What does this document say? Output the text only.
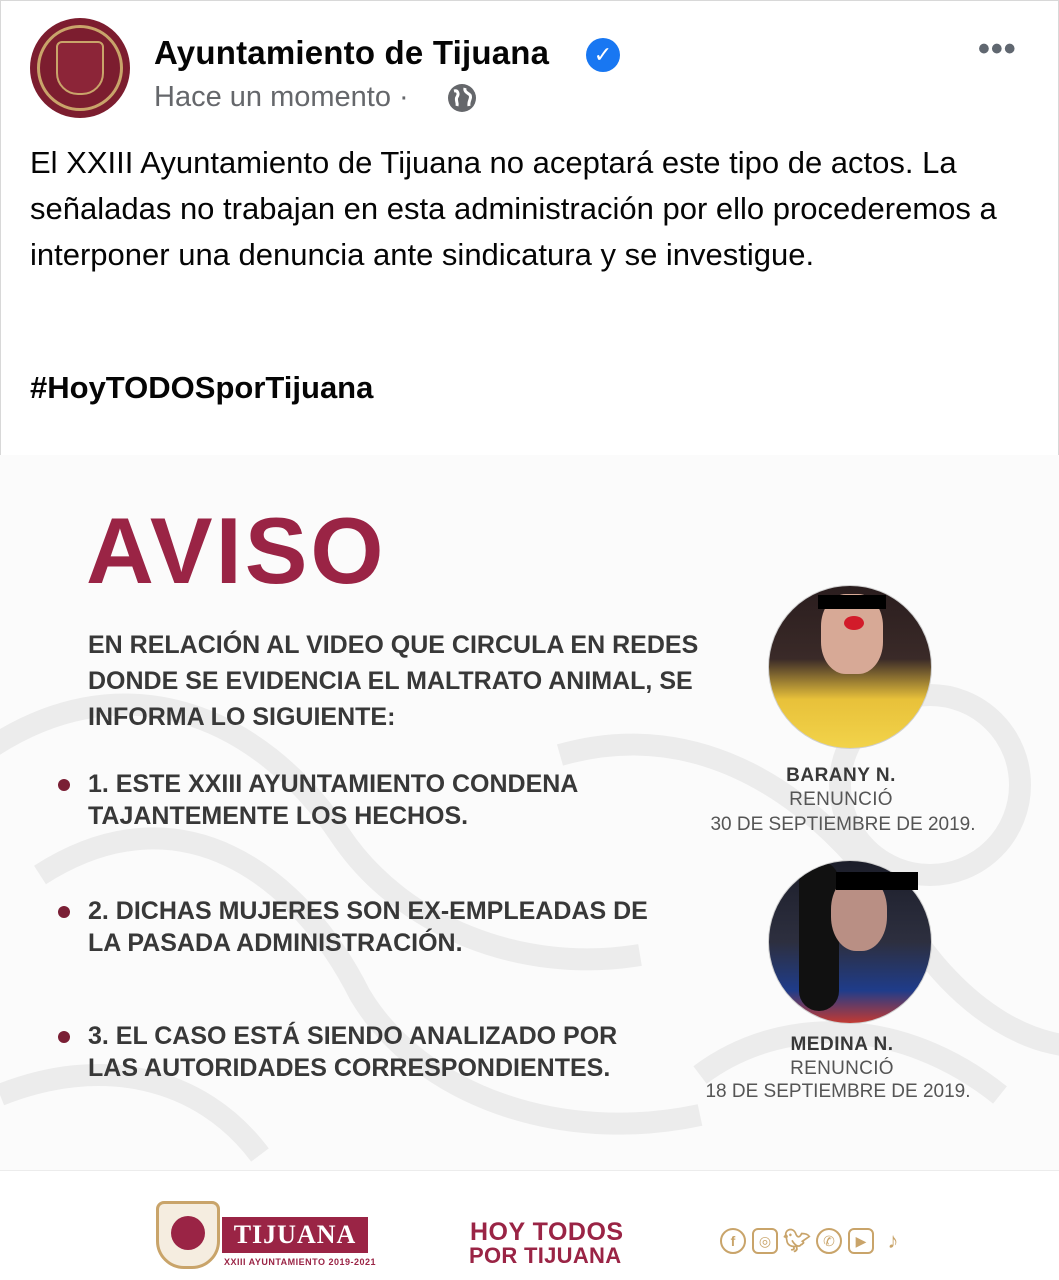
Ayuntamiento de Tijuana	✓
Hace un momento ·
•••

El XXIII Ayuntamiento de Tijuana no aceptará este tipo de actos. La señaladas no trabajan en esta administración por ello procederemos a interponer una denuncia ante sindicatura y se investigue.

#HoyTODOSporTijuana
AVISO
EN RELACIÓN AL VIDEO QUE CIRCULA EN REDES DONDE SE EVIDENCIA EL MALTRATO ANIMAL, SE INFORMA LO SIGUIENTE:
1. ESTE XXIII AYUNTAMIENTO CONDENA TAJANTEMENTE LOS HECHOS.
2. DICHAS MUJERES SON EX-EMPLEADAS DE LA PASADA ADMINISTRACIÓN.
3. EL CASO ESTÁ SIENDO ANALIZADO POR LAS AUTORIDADES CORRESPONDIENTES.
BARANY N.
RENUNCIÓ
30 DE SEPTIEMBRE DE 2019.
MEDINA N.
RENUNCIÓ
18 DE SEPTIEMBRE DE 2019.
TIJUANA
XXIII AYUNTAMIENTO 2019-2021
HOY TODOS
POR TIJUANA
f	◎ 🐦︎ ✆	▶ ♪
